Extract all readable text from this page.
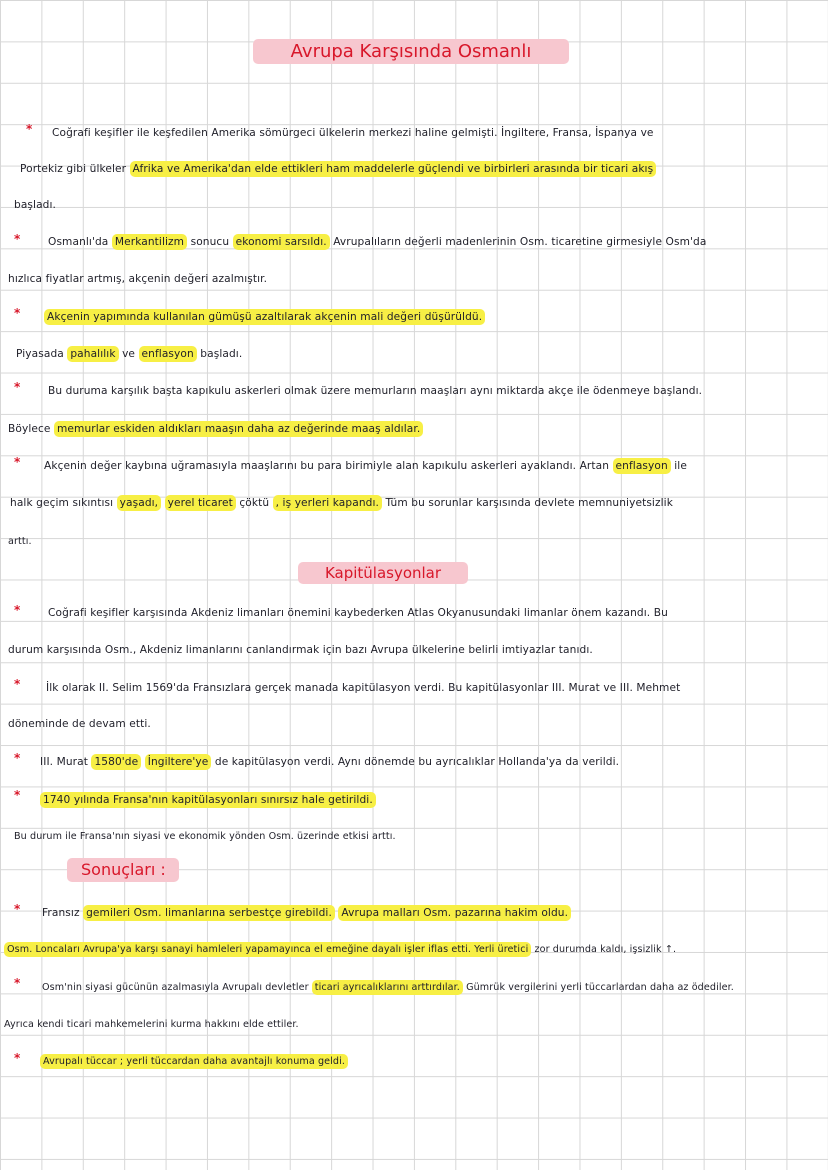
Avrupa Karşısında Osmanlı
* Coğrafi keşifler ile keşfedilen Amerika sömürgeci ülkelerin merkezi haline gelmişti. İngiltere, Fransa, İspanya ve
Portekiz gibi ülkeler Afrika ve Amerika'dan elde ettikleri ham maddelerle güçlendi ve birbirleri arasında bir ticari akış
başladı.
*	Osmanlı'da Merkantilizm sonucu ekonomi sarsıldı. Avrupalıların değerli madenlerinin Osm. ticaretine girmesiyle Osm'da
hızlıca fiyatlar artmış, akçenin değeri azalmıştır.
*	Akçenin yapımında kullanılan gümüşü azaltılarak akçenin mali değeri düşürüldü.
Piyasada pahalılık ve enflasyon başladı.
*	Bu duruma karşılık başta kapıkulu askerleri olmak üzere memurların maaşları aynı miktarda akçe ile ödenmeye başlandı.
Böylece memurlar eskiden aldıkları maaşın daha az değerinde maaş aldılar.
* Akçenin değer kaybına uğramasıyla maaşlarını bu para birimiyle alan kapıkulu askerleri ayaklandı. Artan enflasyon ile
halk geçim sıkıntısı yaşadı, yerel ticaret çöktü , iş yerleri kapandı. Tüm bu sorunlar karşısında devlete memnuniyetsizlik
arttı.
Kapitülasyonlar
*	Coğrafi keşifler karşısında Akdeniz limanları önemini kaybederken Atlas Okyanusundaki limanlar önem kazandı. Bu
durum karşısında Osm., Akdeniz limanlarını canlandırmak için bazı Avrupa ülkelerine belirli imtiyazlar tanıdı.
* İlk olarak II. Selim 1569'da Fransızlara gerçek manada kapitülasyon verdi. Bu kapitülasyonlar III. Murat ve III. Mehmet
döneminde de devam etti.
* III. Murat 1580'de İngiltere'ye de kapitülasyon verdi. Aynı dönemde bu ayrıcalıklar Hollanda'ya da verildi.
* 1740 yılında Fransa'nın kapitülasyonları sınırsız hale getirildi.
Bu durum ile Fransa'nın siyasi ve ekonomik yönden Osm. üzerinde etkisi arttı.
Sonuçları :
* Fransız gemileri Osm. limanlarına serbestçe girebildi. Avrupa malları Osm. pazarına hakim oldu.
Osm. Loncaları Avrupa'ya karşı sanayi hamleleri yapamayınca el emeğine dayalı işler iflas etti. Yerli üretici zor durumda kaldı, işsizlik ↑.
* Osm'nin siyasi gücünün azalmasıyla Avrupalı devletler ticari ayrıcalıklarını arttırdılar. Gümrük vergilerini yerli tüccarlardan daha az ödediler.
Ayrıca kendi ticari mahkemelerini kurma hakkını elde ettiler.
*	Avrupalı tüccar ; yerli tüccardan daha avantajlı konuma geldi.
